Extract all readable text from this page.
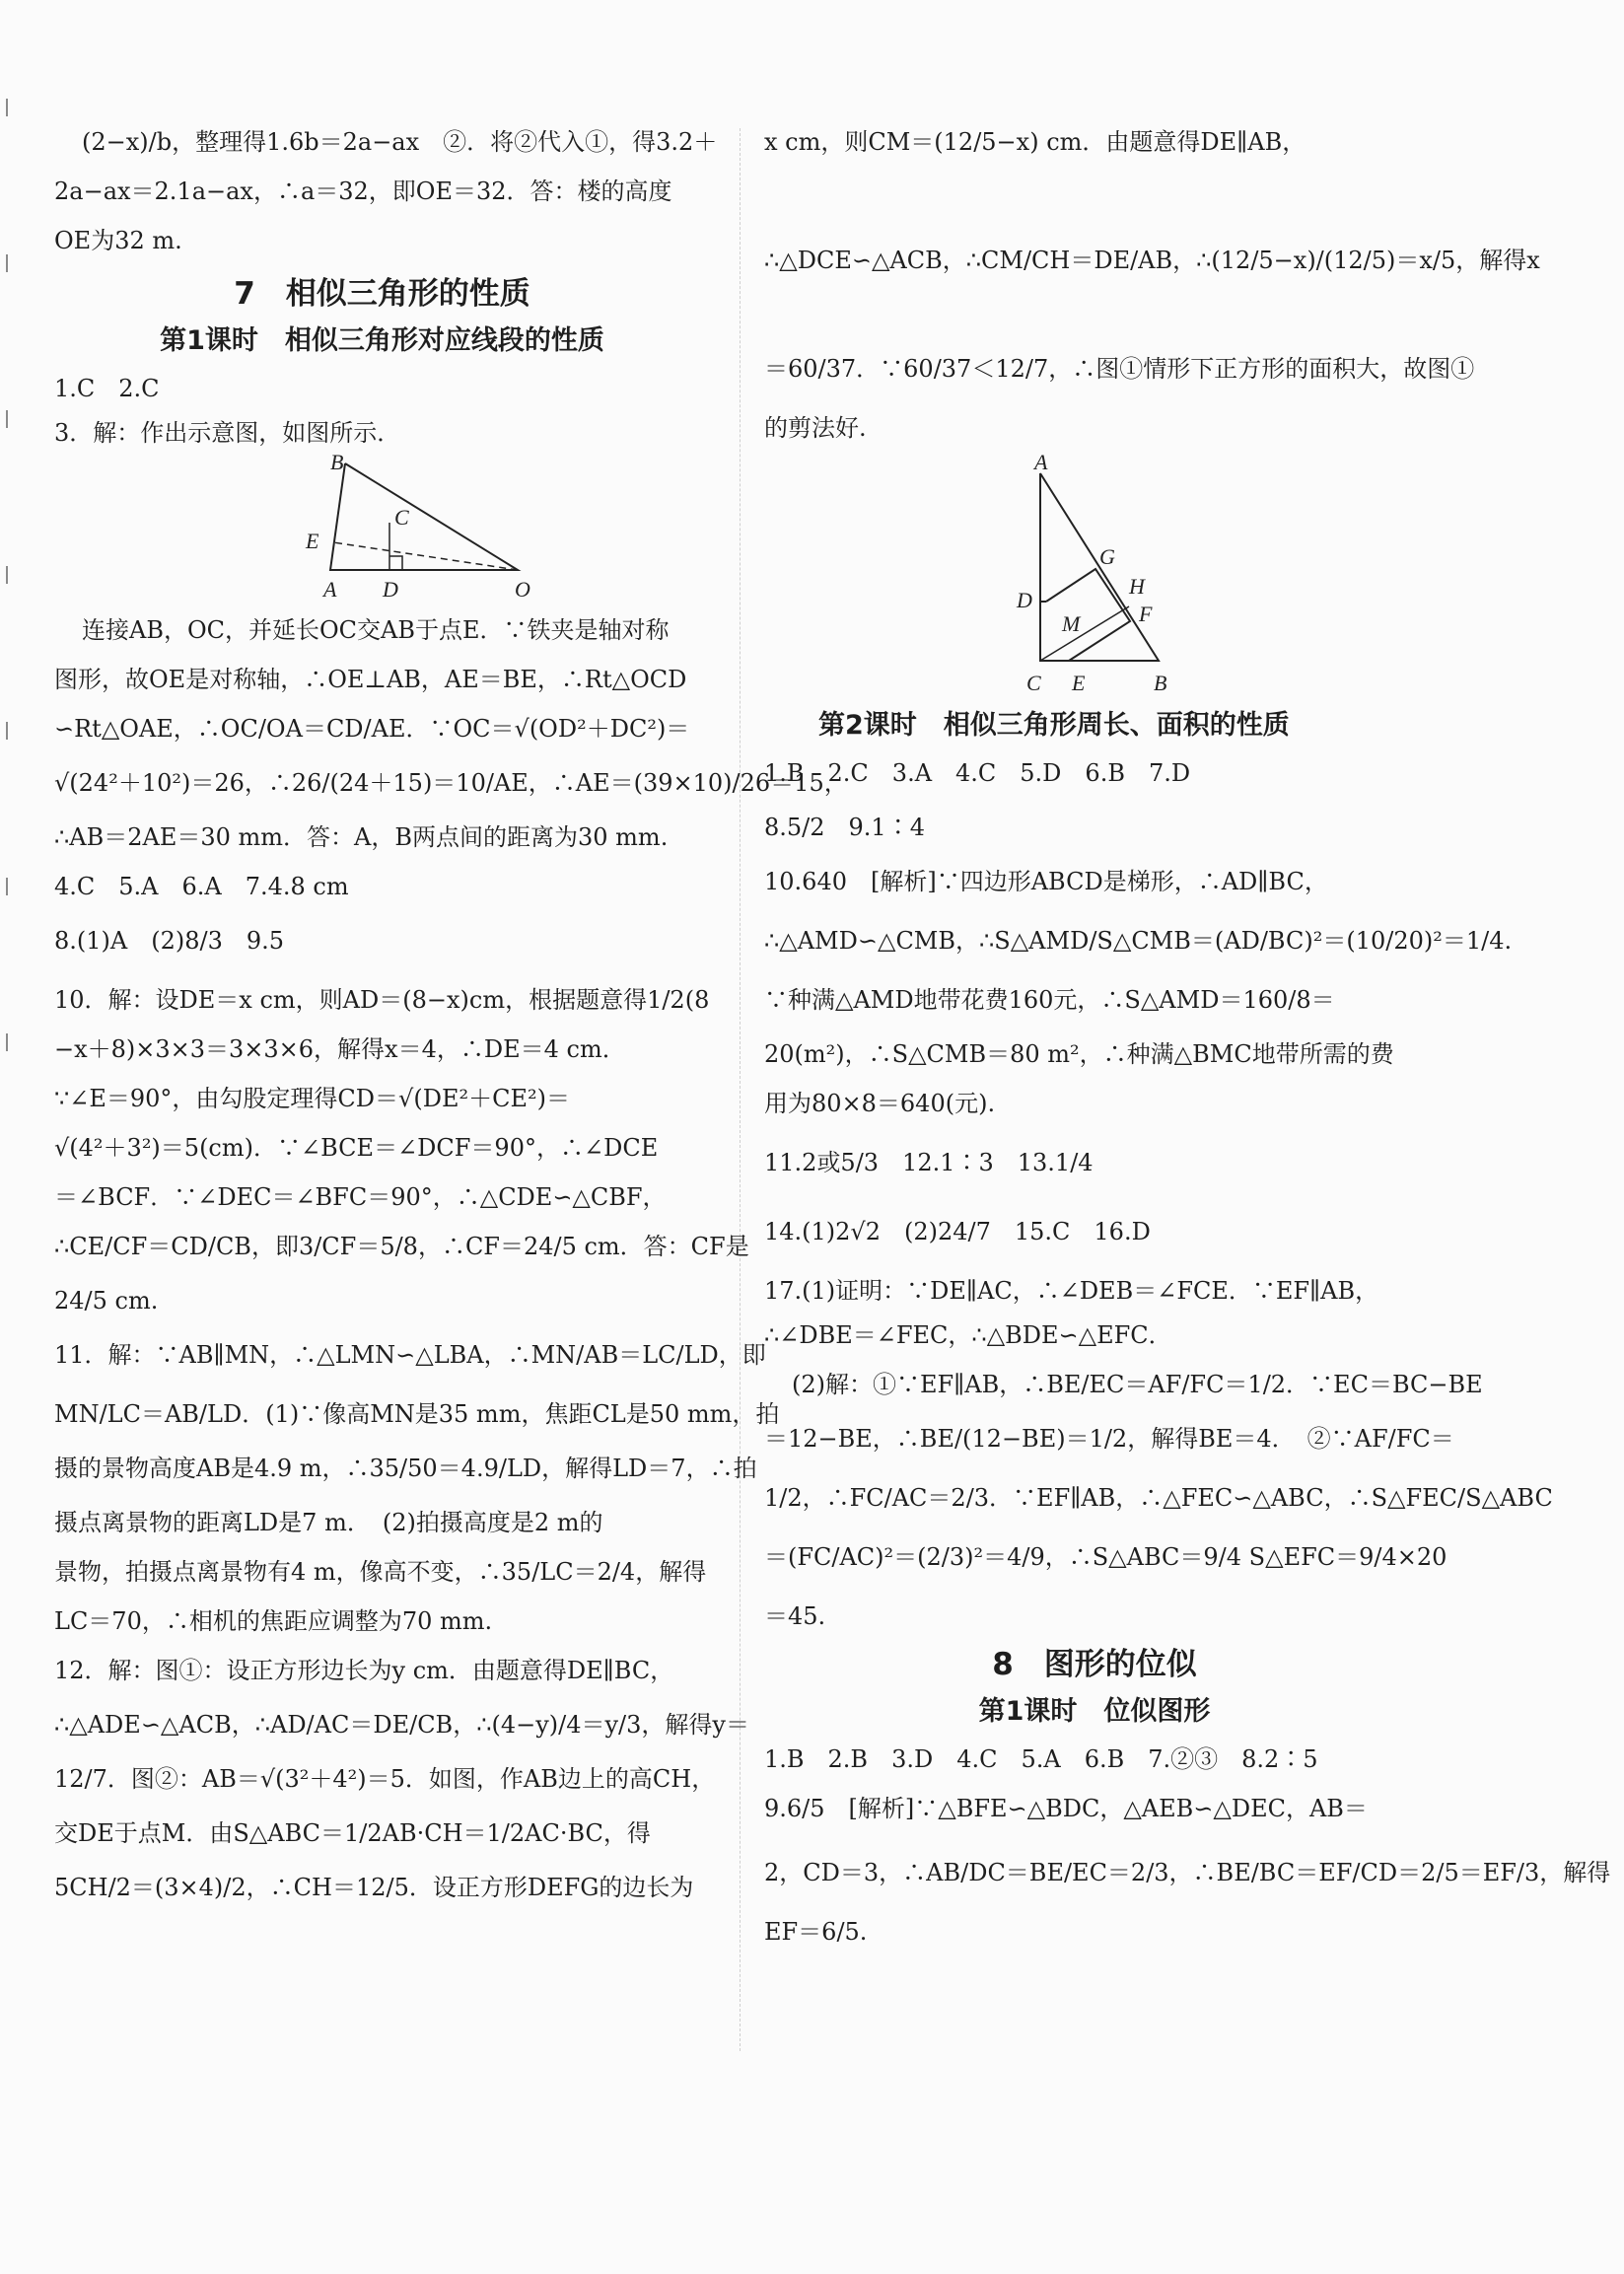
(2−x)/b，整理得1.6b＝2a−ax　②．将②代入①，得3.2＋
2a−ax＝2.1a−ax，∴a＝32，即OE＝32．答：楼的高度
OE为32 m.
7　相似三角形的性质
第1课时　相似三角形对应线段的性质
1.C　2.C
3．解：作出示意图，如图所示．
B
E
C
A D	O
连接AB，OC，并延长OC交AB于点E．∵铁夹是轴对称
图形，故OE是对称轴，∴OE⊥AB，AE＝BE，∴Rt△OCD
∽Rt△OAE，∴OC/OA＝CD/AE．∵OC＝√(OD²＋DC²)＝
√(24²＋10²)＝26，∴26/(24＋15)＝10/AE，∴AE＝(39×10)/26＝15，
∴AB＝2AE＝30 mm．答：A，B两点间的距离为30 mm.
4.C　5.A　6.A　7.4.8 cm
8.(1)A　(2)8/3　9.5
10．解：设DE＝x cm，则AD＝(8−x)cm，根据题意得1/2(8
−x＋8)×3×3＝3×3×6，解得x＝4，∴DE＝4 cm．
∵∠E＝90°，由勾股定理得CD＝√(DE²＋CE²)＝
√(4²＋3²)＝5(cm)．∵∠BCE＝∠DCF＝90°，∴∠DCE
＝∠BCF．∵∠DEC＝∠BFC＝90°，∴△CDE∽△CBF，
∴CE/CF＝CD/CB，即3/CF＝5/8，∴CF＝24/5 cm．答：CF是
24/5 cm.
11．解：∵AB∥MN，∴△LMN∽△LBA，∴MN/AB＝LC/LD，即
MN/LC＝AB/LD．(1)∵像高MN是35 mm，焦距CL是50 mm，拍
摄的景物高度AB是4.9 m，∴35/50＝4.9/LD，解得LD＝7，∴拍
摄点离景物的距离LD是7 m．　(2)拍摄高度是2 m的
景物，拍摄点离景物有4 m，像高不变，∴35/LC＝2/4，解得
LC＝70，∴相机的焦距应调整为70 mm.
12．解：图①：设正方形边长为y cm．由题意得DE∥BC，
∴△ADE∽△ACB，∴AD/AC＝DE/CB，∴(4−y)/4＝y/3，解得y＝
12/7．图②：AB＝√(3²＋4²)＝5．如图，作AB边上的高CH，
交DE于点M．由S△ABC＝1/2AB·CH＝1/2AC·BC，得
5CH/2＝(3×4)/2，∴CH＝12/5．设正方形DEFG的边长为
x cm，则CM＝(12/5−x) cm．由题意得DE∥AB，
∴△DCE∽△ACB，∴CM/CH＝DE/AB，∴(12/5−x)/(12/5)＝x/5，解得x
＝60/37．∵60/37＜12/7，∴图①情形下正方形的面积大，故图①
的剪法好.
A
G
H
D
F
M
C E	B
第2课时　相似三角形周长、面积的性质
1.B　2.C　3.A　4.C　5.D　6.B　7.D
8.5/2　9.1∶4
10.640　[解析]∵四边形ABCD是梯形，∴AD∥BC，
∴△AMD∽△CMB，∴S△AMD/S△CMB＝(AD/BC)²＝(10/20)²＝1/4.
∵种满△AMD地带花费160元，∴S△AMD＝160/8＝
20(m²)，∴S△CMB＝80 m²，∴种满△BMC地带所需的费
用为80×8＝640(元).
11.2或5/3　12.1∶3　13.1/4
14.(1)2√2　(2)24/7　15.C　16.D
17.(1)证明：∵DE∥AC，∴∠DEB＝∠FCE．∵EF∥AB，
∴∠DBE＝∠FEC，∴△BDE∽△EFC．
(2)解：①∵EF∥AB，∴BE/EC＝AF/FC＝1/2．∵EC＝BC−BE
＝12−BE，∴BE/(12−BE)＝1/2，解得BE＝4．　②∵AF/FC＝
1/2，∴FC/AC＝2/3．∵EF∥AB，∴△FEC∽△ABC，∴S△FEC/S△ABC
＝(FC/AC)²＝(2/3)²＝4/9，∴S△ABC＝9/4 S△EFC＝9/4×20
＝45.
8　图形的位似
第1课时　位似图形
1.B　2.B　3.D　4.C　5.A　6.B　7.②③　8.2∶5
9.6/5　[解析]∵△BFE∽△BDC，△AEB∽△DEC，AB＝
2，CD＝3，∴AB/DC＝BE/EC＝2/3，∴BE/BC＝EF/CD＝2/5＝EF/3，解得
EF＝6/5.
